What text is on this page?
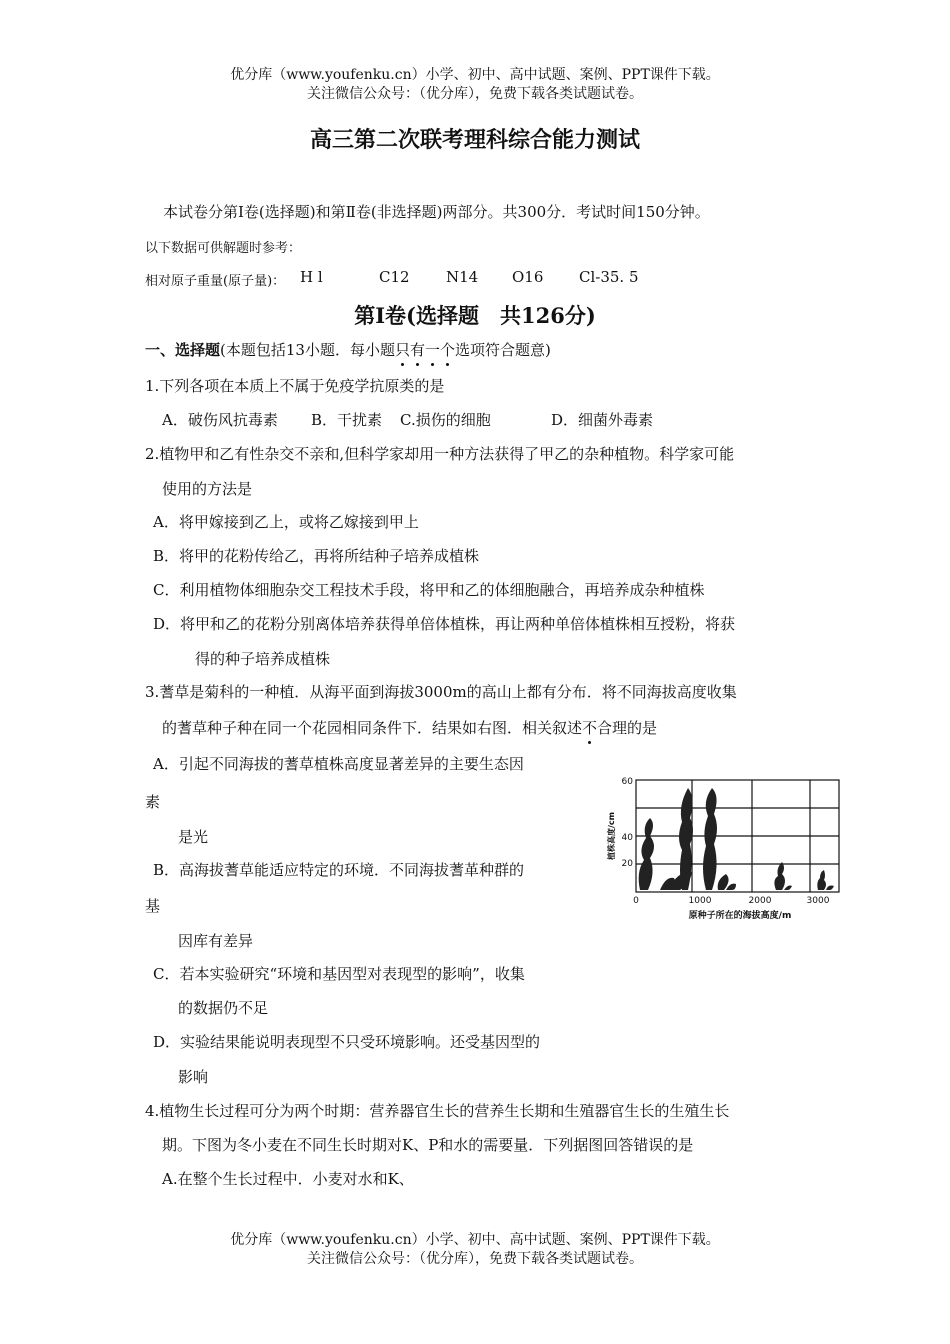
优分库（www.youfenku.cn）小学、初中、高中试题、案例、PPT课件下载。
关注微信公众号：（优分库），免费下载各类试题试卷。
高三第二次联考理科综合能力测试
本试卷分第Ⅰ卷(选择题)和第Ⅱ卷(非选择题)两部分。共300分．考试时间150分钟。
以下数据可供解题时参考：
相对原子重量(原子量)： H l	C12 N14 O16 Cl-35. 5
第Ⅰ卷(选择题　共126分)
一、选择题(本题包括13小题．每小题只有一个选项符合题意)
1.下列各项在本质上不属于免疫学抗原类的是
A．破伤风抗毒素 B．干扰素 C.损伤的细胞	D．细菌外毒素
2.植物甲和乙有性杂交不亲和,但科学家却用一种方法获得了甲乙的杂种植物。科学家可能
使用的方法是
A．将甲嫁接到乙上，或将乙嫁接到甲上
B．将甲的花粉传给乙，再将所结种子培养成植株
C．利用植物体细胞杂交工程技术手段，将甲和乙的体细胞融合，再培养成杂种植株
D．将甲和乙的花粉分别离体培养获得单倍体植株，再让两种单倍体植株相互授粉，将获
得的种子培养成植株
3.蓍草是菊科的一种植．从海平面到海拔3000m的高山上都有分布．将不同海拔高度收集
的蓍草种子种在同一个花园相同条件下．结果如右图．相关叙述不合理的是
A．引起不同海拔的蓍草植株高度显著差异的主要生态因
素
是光
B．高海拔蓍草能适应特定的环境．不同海拔蓍革种群的
基
因库有差异
C．若本实验研究“环境和基因型对表现型的影响”，收集
的数据仍不足
D．实验结果能说明表现型不只受环境影响。还受基因型的
影响
60
40
20
0	1000	2000	3000
植株高度/cm
原种子所在的海拔高度/m
4.植物生长过程可分为两个时期：营养器官生长的营养生长期和生殖器官生长的生殖生长
期。下图为冬小麦在不同生长时期对K、P和水的需要量．下列据图回答错误的是
A.在整个生长过程中．小麦对水和K、
优分库（www.youfenku.cn）小学、初中、高中试题、案例、PPT课件下载。
关注微信公众号：（优分库），免费下载各类试题试卷。
